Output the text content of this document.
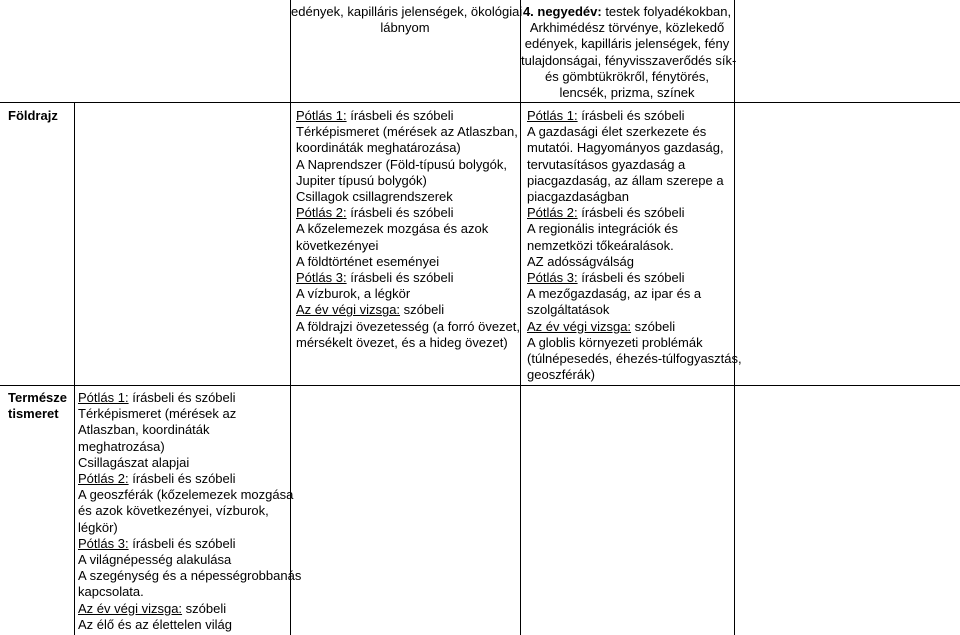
edények, kapilláris jelenségek, ökológiai
lábnyom
4. negyedév: testek folyadékokban,
Arkhimédész törvénye, közlekedő
edények, kapilláris jelenségek, fény
tulajdonságai, fényvisszaverődés sík-
és gömbtükrökről, fénytörés,
lencsék, prizma, színek
Földrajz	Pótlás 1: írásbeli és szóbeli
Térképismeret (mérések az Atlaszban,
koordináták meghatározása)
A Naprendszer (Föld-típusú bolygók,
Jupiter típusú bolygók)
Csillagok csillagrendszerek
Pótlás 2: írásbeli és szóbeli
A kőzelemezek mozgása és azok
következényei
A földtörténet eseményei
Pótlás 3: írásbeli és szóbeli
A vízburok, a légkör
Az év végi vizsga: szóbeli
A földrajzi övezetesség (a forró övezet,
mérsékelt övezet, és a hideg övezet)
Pótlás 1: írásbeli és szóbeli
A gazdasági élet szerkezete és
mutatói. Hagyományos gazdaság,
tervutasításos gyazdaság a
piacgazdaság, az állam szerepe a
piacgazdaságban
Pótlás 2: írásbeli és szóbeli
A regionális integrációk és
nemzetközi tőkeáralások.
AZ adósságválság
Pótlás 3: írásbeli és szóbeli
A mezőgazdaság, az ipar és a
szolgáltatások
Az év végi vizsga: szóbeli
A globlis környezeti problémák
(túlnépesedés, éhezés-túlfogyasztás,
geoszférák)
Természe
tismeret
Pótlás 1: írásbeli és szóbeli
Térképismeret (mérések az
Atlaszban, koordináták
meghatrozása)
Csillagászat alapjai
Pótlás 2: írásbeli és szóbeli
A geoszférák (kőzelemezek mozgása
és azok következényei, vízburok,
légkör)
Pótlás 3: írásbeli és szóbeli
A világnépesség alakulása
A szegénység és a népességrobbanás
kapcsolata.
Az év végi vizsga: szóbeli
Az élő és az élettelen világ
